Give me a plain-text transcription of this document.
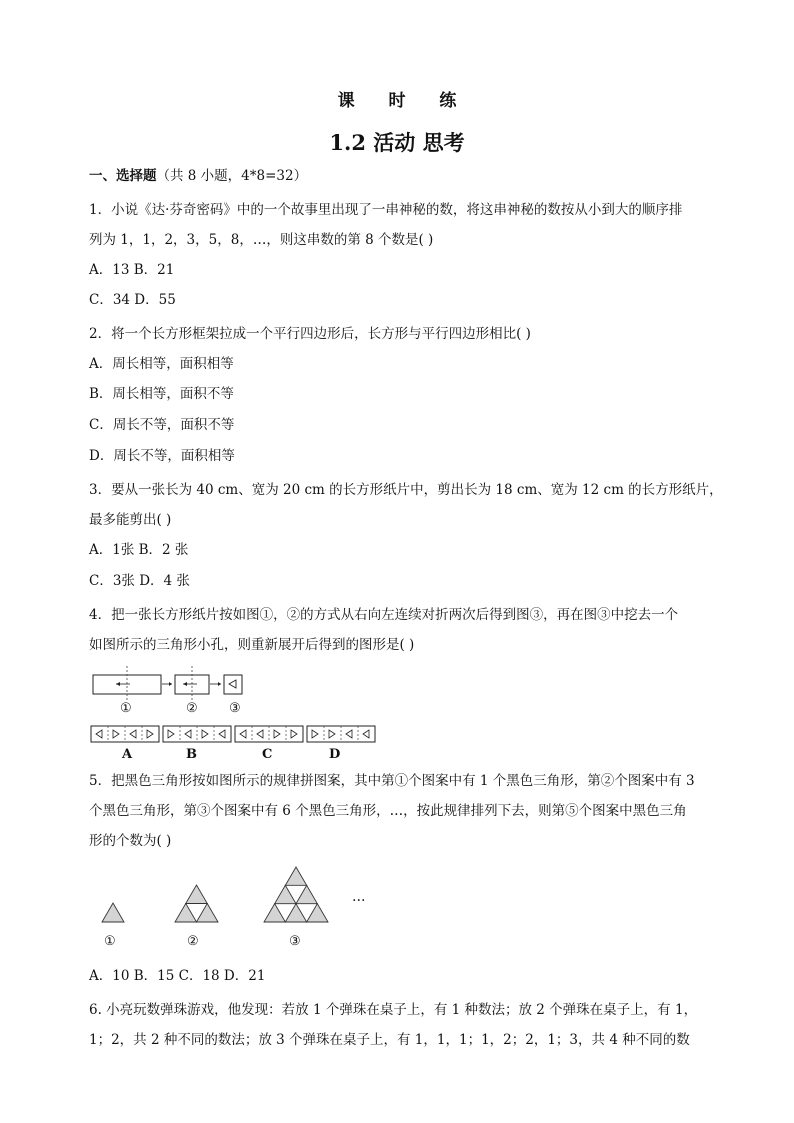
课 时 练
1.2 活动 思考
一、选择题（共 8 小题，4*8=32）
1．小说《达·芬奇密码》中的一个故事里出现了一串神秘的数，将这串神秘的数按从小到大的顺序排
列为 1，1，2，3，5，8，…，则这串数的第 8 个数是( )
A．13 B．21
C．34 D．55
2．将一个长方形框架拉成一个平行四边形后，长方形与平行四边形相比( )
A．周长相等，面积相等
B．周长相等，面积不等
C．周长不等，面积不等
D．周长不等，面积相等
3．要从一张长为 40 cm、宽为 20 cm 的长方形纸片中，剪出长为 18 cm、宽为 12 cm 的长方形纸片，
最多能剪出( )
A．1张 B．2 张
C．3张 D．4 张
4．把一张长方形纸片按如图①，②的方式从右向左连续对折两次后得到图③，再在图③中挖去一个
如图所示的三角形小孔，则重新展开后得到的图形是( )
①	② ③
A	B	C	D
5．把黑色三角形按如图所示的规律拼图案，其中第①个图案中有 1 个黑色三角形，第②个图案中有 3
个黑色三角形，第③个图案中有 6 个黑色三角形，…，按此规律排列下去，则第⑤个图案中黑色三角
形的个数为( )
…
①	②	③
A．10 B．15 C．18 D．21
6. 小亮玩数弹珠游戏，他发现：若放 1 个弹珠在桌子上，有 1 种数法；放 2 个弹珠在桌子上，有 1，
1；2，共 2 种不同的数法；放 3 个弹珠在桌子上，有 1，1，1；1，2；2，1；3，共 4 种不同的数
